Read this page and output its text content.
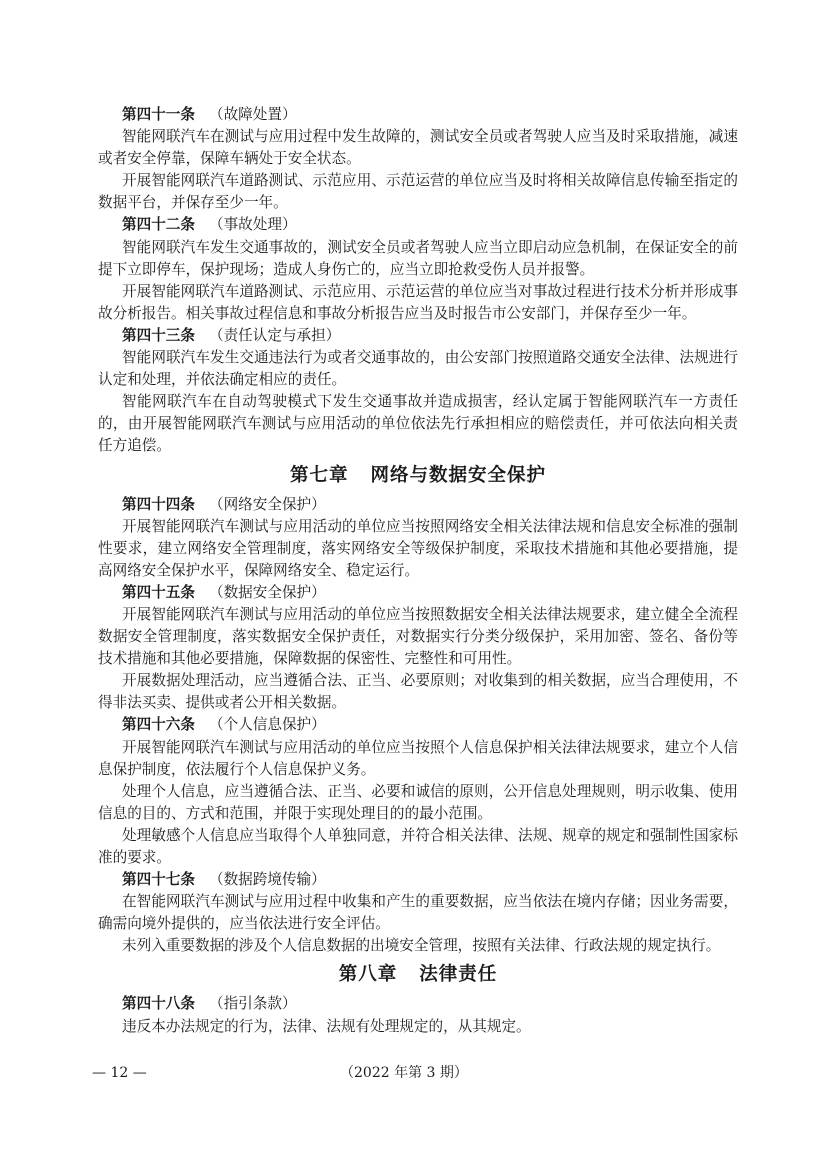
第四十一条 （故障处置）

智能网联汽车在测试与应用过程中发生故障的，测试安全员或者驾驶人应当及时采取措施，减速或者安全停靠，保障车辆处于安全状态。

开展智能网联汽车道路测试、示范应用、示范运营的单位应当及时将相关故障信息传输至指定的数据平台，并保存至少一年。

第四十二条 （事故处理）

智能网联汽车发生交通事故的，测试安全员或者驾驶人应当立即启动应急机制，在保证安全的前提下立即停车，保护现场；造成人身伤亡的，应当立即抢救受伤人员并报警。

开展智能网联汽车道路测试、示范应用、示范运营的单位应当对事故过程进行技术分析并形成事故分析报告。相关事故过程信息和事故分析报告应当及时报告市公安部门，并保存至少一年。

第四十三条 （责任认定与承担）

智能网联汽车发生交通违法行为或者交通事故的，由公安部门按照道路交通安全法律、法规进行认定和处理，并依法确定相应的责任。

智能网联汽车在自动驾驶模式下发生交通事故并造成损害，经认定属于智能网联汽车一方责任的，由开展智能网联汽车测试与应用活动的单位依法先行承担相应的赔偿责任，并可依法向相关责任方追偿。

第七章 网络与数据安全保护

第四十四条 （网络安全保护）

开展智能网联汽车测试与应用活动的单位应当按照网络安全相关法律法规和信息安全标准的强制性要求，建立网络安全管理制度，落实网络安全等级保护制度，采取技术措施和其他必要措施，提高网络安全保护水平，保障网络安全、稳定运行。

第四十五条 （数据安全保护）

开展智能网联汽车测试与应用活动的单位应当按照数据安全相关法律法规要求，建立健全全流程数据安全管理制度，落实数据安全保护责任，对数据实行分类分级保护，采用加密、签名、备份等技术措施和其他必要措施，保障数据的保密性、完整性和可用性。

开展数据处理活动，应当遵循合法、正当、必要原则；对收集到的相关数据，应当合理使用，不得非法买卖、提供或者公开相关数据。

第四十六条 （个人信息保护）

开展智能网联汽车测试与应用活动的单位应当按照个人信息保护相关法律法规要求，建立个人信息保护制度，依法履行个人信息保护义务。

处理个人信息，应当遵循合法、正当、必要和诚信的原则，公开信息处理规则，明示收集、使用信息的目的、方式和范围，并限于实现处理目的的最小范围。

处理敏感个人信息应当取得个人单独同意，并符合相关法律、法规、规章的规定和强制性国家标准的要求。

第四十七条 （数据跨境传输）

在智能网联汽车测试与应用过程中收集和产生的重要数据，应当依法在境内存储；因业务需要，确需向境外提供的，应当依法进行安全评估。

未列入重要数据的涉及个人信息数据的出境安全管理，按照有关法律、行政法规的规定执行。

第八章 法律责任

第四十八条 （指引条款）

违反本办法规定的行为，法律、法规有处理规定的，从其规定。

— 12 —	（2022 年第 3 期）
